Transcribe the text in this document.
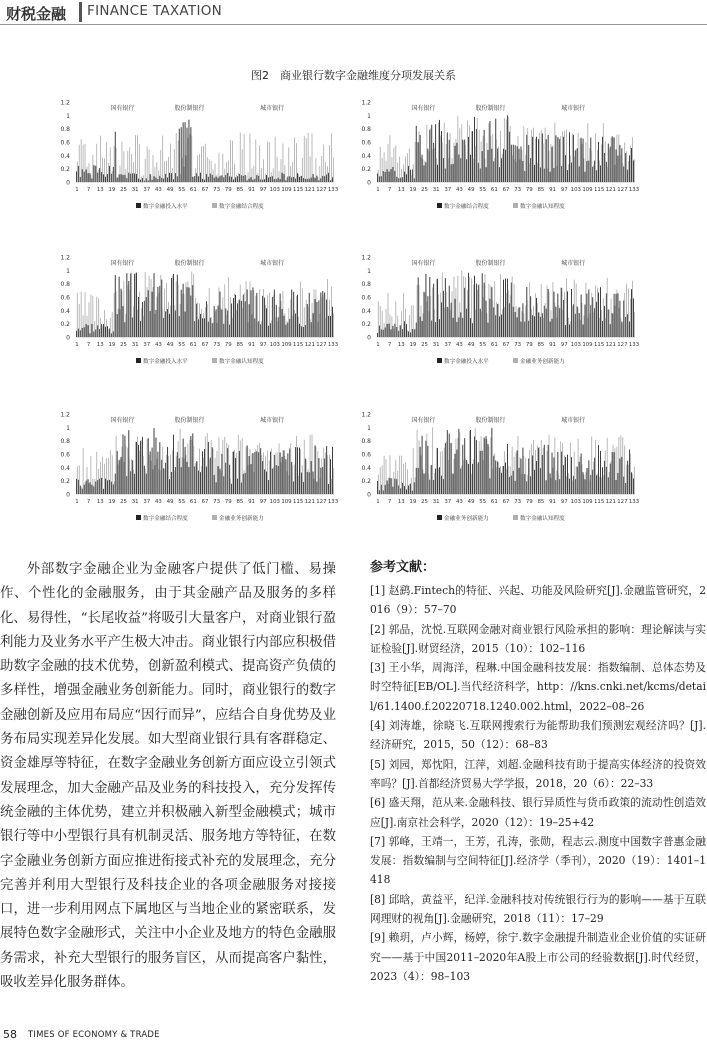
财税金融 FINANCE TAXATION
图2　商业银行数字金融维度分项发展关系
0
0.2
0.4
0.6
0.8
1
1.2
国有银行	股份制银行	城市银行
1 7 13 19 25 31 37 43 49 55 61 67 73 79 85 91 97 103 109 115 121 127 133
数字金融投入水平	数字金融结合程度
0
0.2
0.4
0.6
0.8
1
1.2
国有银行	股份制银行	城市银行
1 7 13 19 25 31 37 43 49 55 61 67 73 79 85 91 97 103 109 115 121 127 133
数字金融结合程度	数字金融认知程度
0
0.2
0.4
0.6
0.8
1
1.2
国有银行	股份制银行	城市银行
1 7 13 19 25 31 37 43 49 55 61 67 73 79 85 91 97 103 109 115 121 127 133
数字金融投入水平	数字金融认知程度
0
0.2
0.4
0.6
0.8
1
1.2
国有银行	股份制银行	城市银行
1 7 13 19 25 31 37 43 49 55 61 67 73 79 85 91 97 103 109 115 121 127 133
数字金融投入水平	金融业务创新能力
0
0.2
0.4
0.6
0.8
1
1.2
国有银行	股份制银行	城市银行
1 7 13 19 25 31 37 43 49 55 61 67 73 79 85 91 97 103 109 115 121 127 133
数字金融结合程度	金融业务创新能力
0
0.2
0.4
0.6
0.8
1
1.2
国有银行	股份制银行	城市银行
1 7 13 19 25 31 37 43 49 55 61 67 73 79 85 91 97 103 109 115 121 127 133
金融业务创新能力	数字金融认知程度

外部数字金融企业为金融客户提供了低门槛、易操作、个性化的金融服务，由于其金融产品及服务的多样化、易得性，“长尾收益”将吸引大量客户，对商业银行盈利能力及业务水平产生极大冲击。商业银行内部应积极借助数字金融的技术优势，创新盈利模式、提高资产负债的多样性，增强金融业务创新能力。同时，商业银行的数字金融创新及应用布局应“因行而异”，应结合自身优势及业务布局实现差异化发展。如大型商业银行具有客群稳定、资金雄厚等特征，在数字金融业务创新方面应设立引领式发展理念，加大金融产品及业务的科技投入，充分发挥传统金融的主体优势，建立并积极融入新型金融模式；城市银行等中小型银行具有机制灵活、服务地方等特征，在数字金融业务创新方面应推进衔接式补充的发展理念，充分完善并利用大型银行及科技企业的各项金融服务对接接口，进一步利用网点下属地区与当地企业的紧密联系，发展特色数字金融形式，关注中小企业及地方的特色金融服务需求，补充大型银行的服务盲区，从而提高客户黏性，吸收差异化服务群体。

参考文献：
[1] 赵鹞.Fintech的特征、兴起、功能及风险研究[J].金融监管研究，2016（9）：57–70
[2] 郭品，沈悦.互联网金融对商业银行风险承担的影响：理论解读与实证检验[J].财贸经济，2015（10）：102–116
[3] 王小华，周海洋，程琳.中国金融科技发展：指数编制、总体态势及时空特征[EB/OL].当代经济科学，http：//kns.cnki.net/kcms/detail/61.1400.f.20220718.1240.002.html，2022–08–26
[4] 刘涛雄，徐晓飞.互联网搜索行为能帮助我们预测宏观经济吗？[J].经济研究，2015，50（12）：68–83
[5] 刘园，郑忱阳，江萍，刘超.金融科技有助于提高实体经济的投资效率吗？[J].首都经济贸易大学学报，2018，20（6）：22–33
[6] 盛天翔，范从来.金融科技、银行异质性与货币政策的流动性创造效应[J].南京社会科学，2020（12）：19–25+42
[7] 郭峰，王靖一，王芳，孔涛，张勋，程志云.测度中国数字普惠金融发展：指数编制与空间特征[J].经济学（季刊），2020（19）：1401–1418
[8] 邱晗，黄益平，纪洋.金融科技对传统银行行为的影响——基于互联网理财的视角[J].金融研究，2018（11）：17–29
[9] 赖玥，卢小辉，杨婷，徐宁.数字金融提升制造业企业价值的实证研究——基于中国2011–2020年A股上市公司的经验数据[J].时代经贸，2023（4）：98–103
58 TIMES OF ECONOMY & TRADE
